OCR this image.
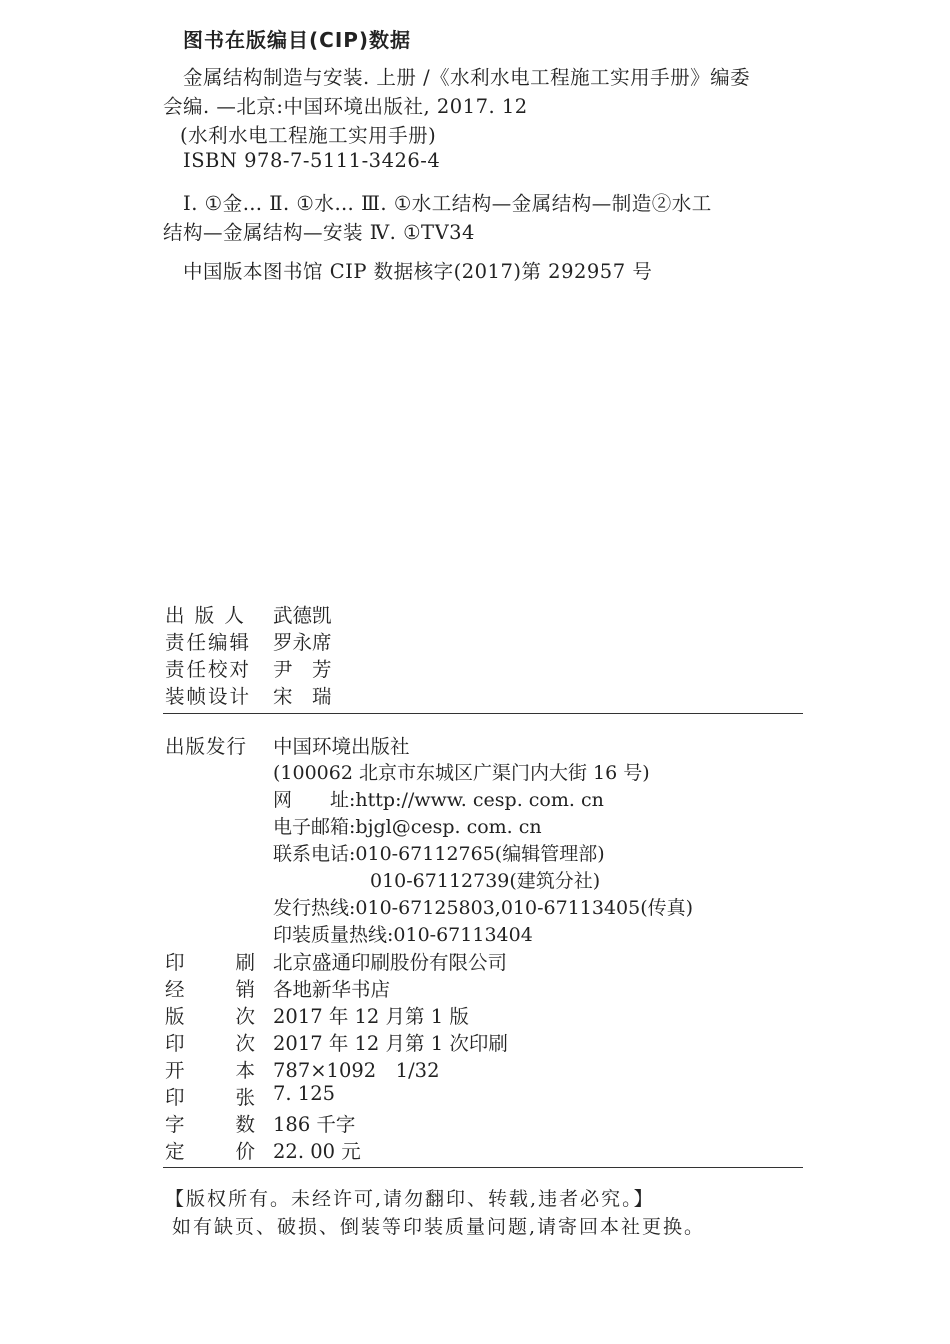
图书在版编目(CIP)数据
金属结构制造与安装. 上册 /《水利水电工程施工实用手册》编委
会编. —北京:中国环境出版社, 2017. 12
(水利水电工程施工实用手册)
ISBN 978-7-5111-3426-4
Ⅰ. ①金… Ⅱ. ①水… Ⅲ. ①水工结构—金属结构—制造②水工
结构—金属结构—安装 Ⅳ. ①TV34
中国版本图书馆 CIP 数据核字(2017)第 292957 号
出 版 人 武德凯
责任编辑 罗永席
责任校对 尹　芳
装帧设计 宋　瑞
出版发行 中国环境出版社
(100062 北京市东城区广渠门内大街 16 号)
网　　址:http://www. cesp. com. cn
电子邮箱:bjgl@cesp. com. cn
联系电话:010-67112765(编辑管理部)
010-67112739(建筑分社)
发行热线:010-67125803,010-67113405(传真)
印装质量热线:010-67113404
印	刷 北京盛通印刷股份有限公司
经	销 各地新华书店
版	次 2017 年 12 月第 1 版
印	次 2017 年 12 月第 1 次印刷
开	本 787×1092　1/32
印	张 7. 125
字	数 186 千字
定	价 22. 00 元
【版权所有。未经许可,请勿翻印、转载,违者必究。】
如有缺页、破损、倒装等印装质量问题,请寄回本社更换。
